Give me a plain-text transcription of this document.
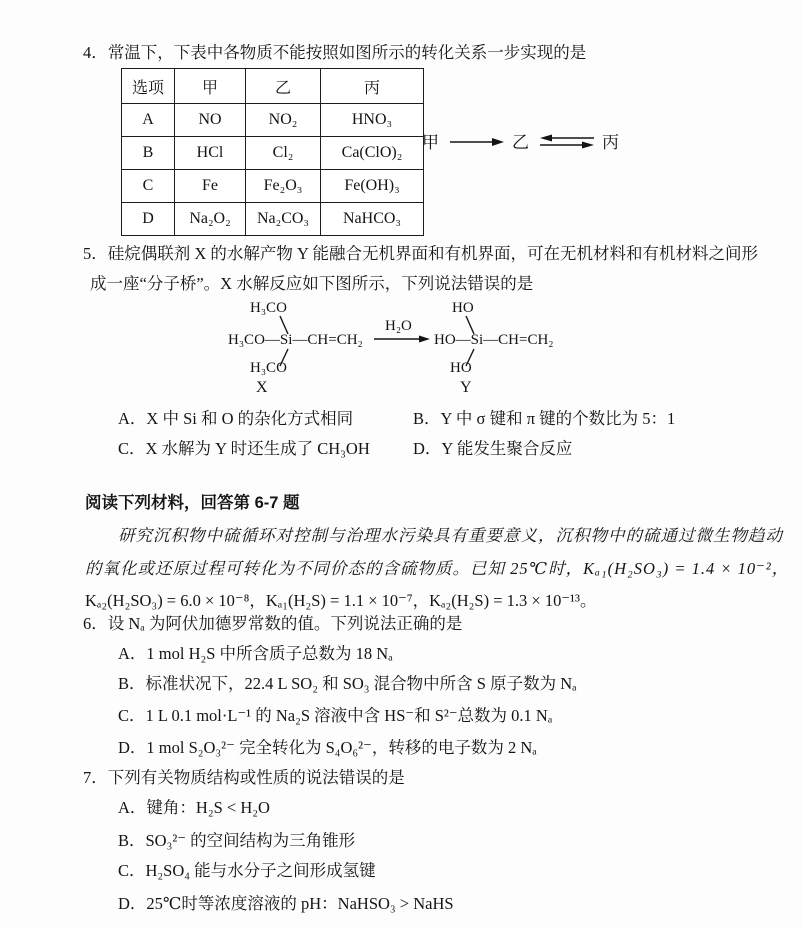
4．常温下，下表中各物质不能按照如图所示的转化关系一步实现的是
选项	甲	乙	丙
A	NO	NO₂	HNO₃
B	HCl	Cl₂	Ca(ClO)₂
C	Fe	Fe₂O₃	Fe(OH)₃
D	Na₂O₂	Na₂CO₃	NaHCO₃
甲	乙	丙
5．硅烷偶联剂 X 的水解产物 Y 能融合无机界面和有机界面，可在无机材料和有机材料之间形
成一座“分子桥”。X 水解反应如下图所示，下列说法错误的是
H₃CO
H₃CO—Si—CH=CH₂
H₃CO
X
H₂O
HO
HO—Si—CH=CH₂
HO
Y
A．X 中 Si 和 O 的杂化方式相同	B．Y 中 σ 键和 π 键的个数比为 5：1
C．X 水解为 Y 时还生成了 CH₃OH	D．Y 能发生聚合反应
阅读下列材料，回答第 6-7 题
研究沉积物中硫循环对控制与治理水污染具有重要意义，沉积物中的硫通过微生物趋动
的氧化或还原过程可转化为不同价态的含硫物质。已知 25℃时，Kₐ₁(H₂SO₃) = 1.4 × 10⁻²，
Kₐ₂(H₂SO₃) = 6.0 × 10⁻⁸，Kₐ₁(H₂S) = 1.1 × 10⁻⁷，Kₐ₂(H₂S) = 1.3 × 10⁻¹³。
6．设 Nₐ 为阿伏加德罗常数的值。下列说法正确的是
A．1 mol H₂S 中所含质子总数为 18 Nₐ
B．标准状况下，22.4 L SO₂ 和 SO₃ 混合物中所含 S 原子数为 Nₐ
C．1 L 0.1 mol·L⁻¹ 的 Na₂S 溶液中含 HS⁻和 S²⁻总数为 0.1 Nₐ
D．1 mol S₂O₃²⁻ 完全转化为 S₄O₆²⁻，转移的电子数为 2 Nₐ
7．下列有关物质结构或性质的说法错误的是
A．键角：H₂S < H₂O
B．SO₃²⁻ 的空间结构为三角锥形
C．H₂SO₄ 能与水分子之间形成氢键
D．25℃时等浓度溶液的 pH：NaHSO₃ > NaHS
